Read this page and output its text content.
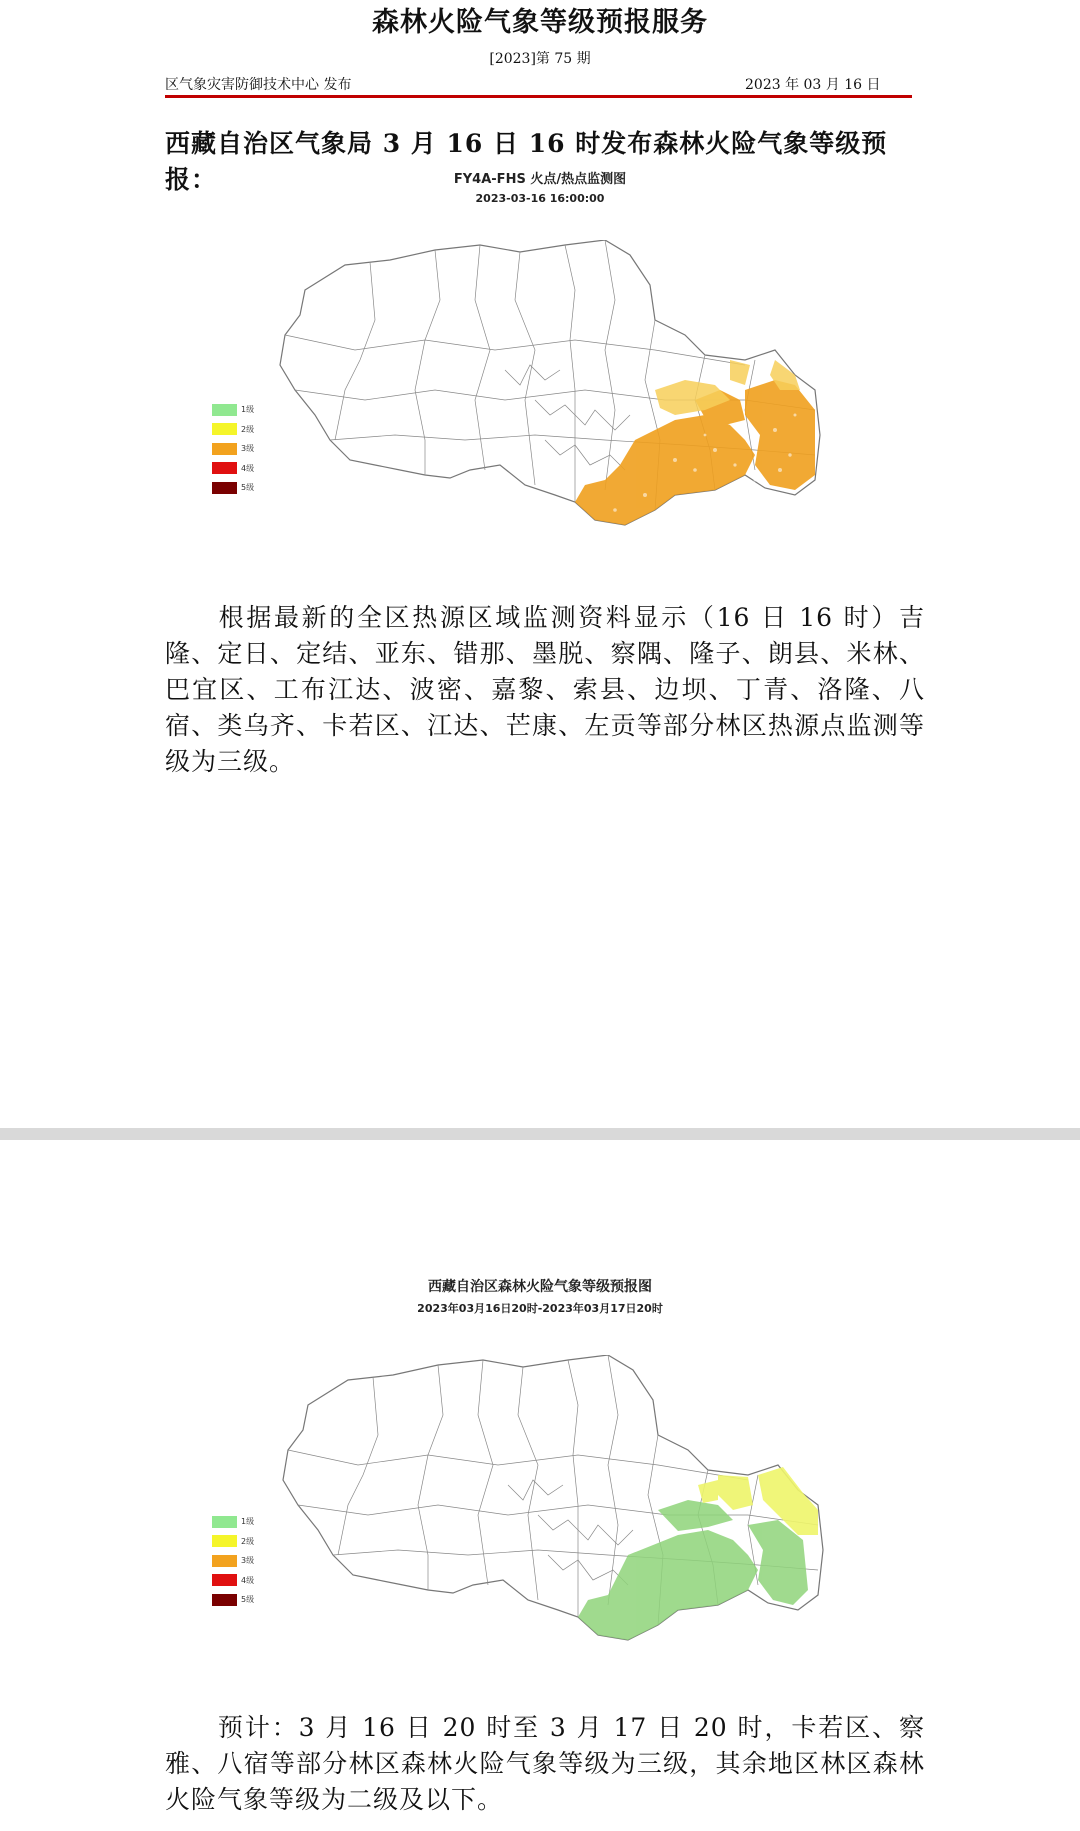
森林火险气象等级预报服务
[2023]第 75 期
区气象灾害防御技术中心 发布	2023 年 03 月 16 日
西藏自治区气象局 3 月 16 日 16 时发布森林火险气象等级预报：	FY4A-FHS 火点/热点监测图
2023-03-16 16:00:00
1级
2级
3级
4级
5级
根据最新的全区热源区域监测资料显示（16 日 16 时）吉隆、定日、定结、亚东、错那、墨脱、察隅、隆子、朗县、米林、巴宜区、工布江达、波密、嘉黎、索县、边坝、丁青、洛隆、八宿、类乌齐、卡若区、江达、芒康、左贡等部分林区热源点监测等级为三级。
西藏自治区森林火险气象等级预报图
2023年03月16日20时-2023年03月17日20时
1级
2级
3级
4级
5级
预计：3 月 16 日 20 时至 3 月 17 日 20 时，卡若区、察雅、八宿等部分林区森林火险气象等级为三级，其余地区林区森林火险气象等级为二级及以下。
